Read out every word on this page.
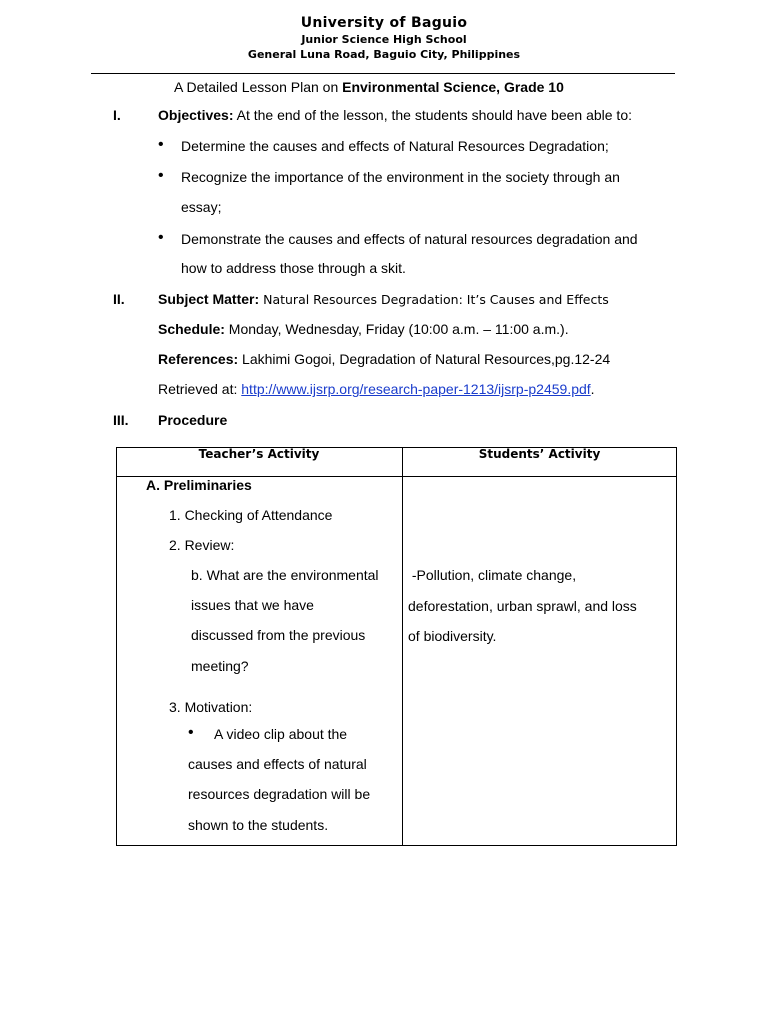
University of Baguio
Junior Science High School
General Luna Road, Baguio City, Philippines
A Detailed Lesson Plan on Environmental Science, Grade 10
I.	Objectives: At the end of the lesson, the students should have been able to:
• Determine the causes and effects of Natural Resources Degradation;
• Recognize the importance of the environment in the society through an
essay;
• Demonstrate the causes and effects of natural resources degradation and
how to address those through a skit.
II. Subject Matter: Natural Resources Degradation: It’s Causes and Effects
Schedule: Monday, Wednesday, Friday (10:00 a.m. – 11:00 a.m.).
References: Lakhimi Gogoi, Degradation of Natural Resources,pg.12-24
Retrieved at: http://www.ijsrp.org/research-paper-1213/ijsrp-p2459.pdf.
III. Procedure
Teacher’s Activity	Students’ Activity
A. Preliminaries
1. Checking of Attendance
2. Review:
b. What are the environmental
issues that we have
discussed from the previous
meeting?
-Pollution, climate change,
deforestation, urban sprawl, and loss
of biodiversity.
3. Motivation:
• A video clip about the
causes and effects of natural
resources degradation will be
shown to the students.
